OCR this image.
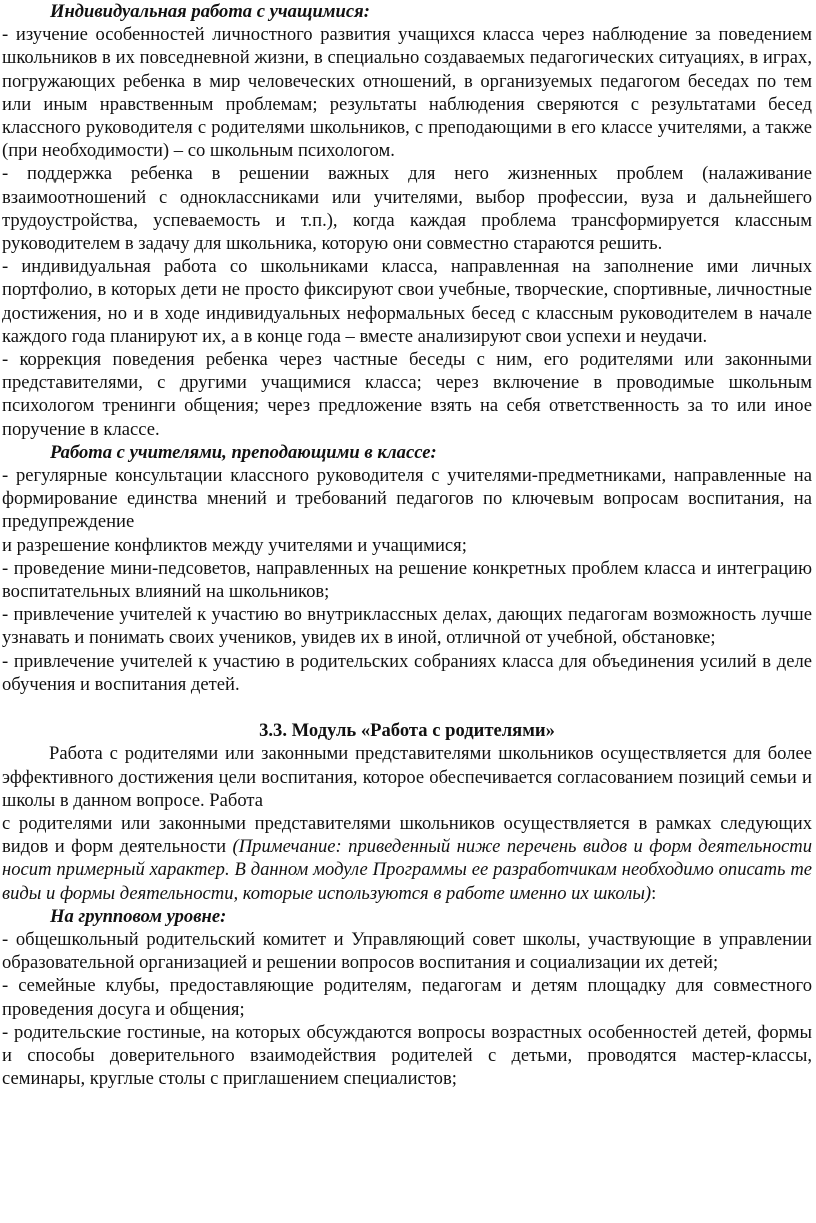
Индивидуальная работа с учащимися:

- изучение особенностей личностного развития учащихся класса через наблюдение за поведением школьников в их повседневной жизни, в специально создаваемых педагогических ситуациях, в играх, погружающих ребенка в мир человеческих отношений, в организуемых педагогом беседах по тем или иным нравственным проблемам; результаты наблюдения сверяются с результатами бесед классного руководителя с родителями школьников, с преподающими в его классе учителями, а также (при необходимости) – со школьным психологом.

- поддержка ребенка в решении важных для него жизненных проблем (налаживание взаимоотношений с одноклассниками или учителями, выбор профессии, вуза и дальнейшего трудоустройства, успеваемость и т.п.), когда каждая проблема трансформируется классным руководителем в задачу для школьника, которую они совместно стараются решить.

- индивидуальная работа со школьниками класса, направленная на заполнение ими личных портфолио, в которых дети не просто фиксируют свои учебные, творческие, спортивные, личностные достижения, но и в ходе индивидуальных неформальных бесед с классным руководителем в начале каждого года планируют их, а в конце года – вместе анализируют свои успехи и неудачи.

- коррекция поведения ребенка через частные беседы с ним, его родителями или законными представителями, с другими учащимися класса; через включение в проводимые школьным психологом тренинги общения; через предложение взять на себя ответственность за то или иное поручение в классе.

Работа с учителями, преподающими в классе:

- регулярные консультации классного руководителя с учителями-предметниками, направленные на формирование единства мнений и требований педагогов по ключевым вопросам воспитания, на предупреждение

и разрешение конфликтов между учителями и учащимися;

- проведение мини-педсоветов, направленных на решение конкретных проблем класса и интеграцию воспитательных влияний на школьников;

- привлечение учителей к участию во внутриклассных делах, дающих педагогам возможность лучше узнавать и понимать своих учеников, увидев их в иной, отличной от учебной, обстановке;

- привлечение учителей к участию в родительских собраниях класса для объединения усилий в деле обучения и воспитания детей.

3.3. Модуль «Работа с родителями»

Работа с родителями или законными представителями школьников осуществляется для более эффективного достижения цели воспитания, которое обеспечивается согласованием позиций семьи и школы в данном вопросе. Работа

с родителями или законными представителями школьников осуществляется в рамках следующих видов и форм деятельности (Примечание: приведенный ниже перечень видов и форм деятельности носит примерный характер. В данном модуле Программы ее разработчикам необходимо описать те виды и формы деятельности, которые используются в работе именно их школы):

На групповом уровне:

- общешкольный родительский комитет и Управляющий совет школы, участвующие в управлении образовательной организацией и решении вопросов воспитания и социализации их детей;

- семейные клубы, предоставляющие родителям, педагогам и детям площадку для совместного проведения досуга и общения;

- родительские гостиные, на которых обсуждаются вопросы возрастных особенностей детей, формы и способы доверительного взаимодействия родителей с детьми, проводятся мастер-классы, семинары, круглые столы с приглашением специалистов;
